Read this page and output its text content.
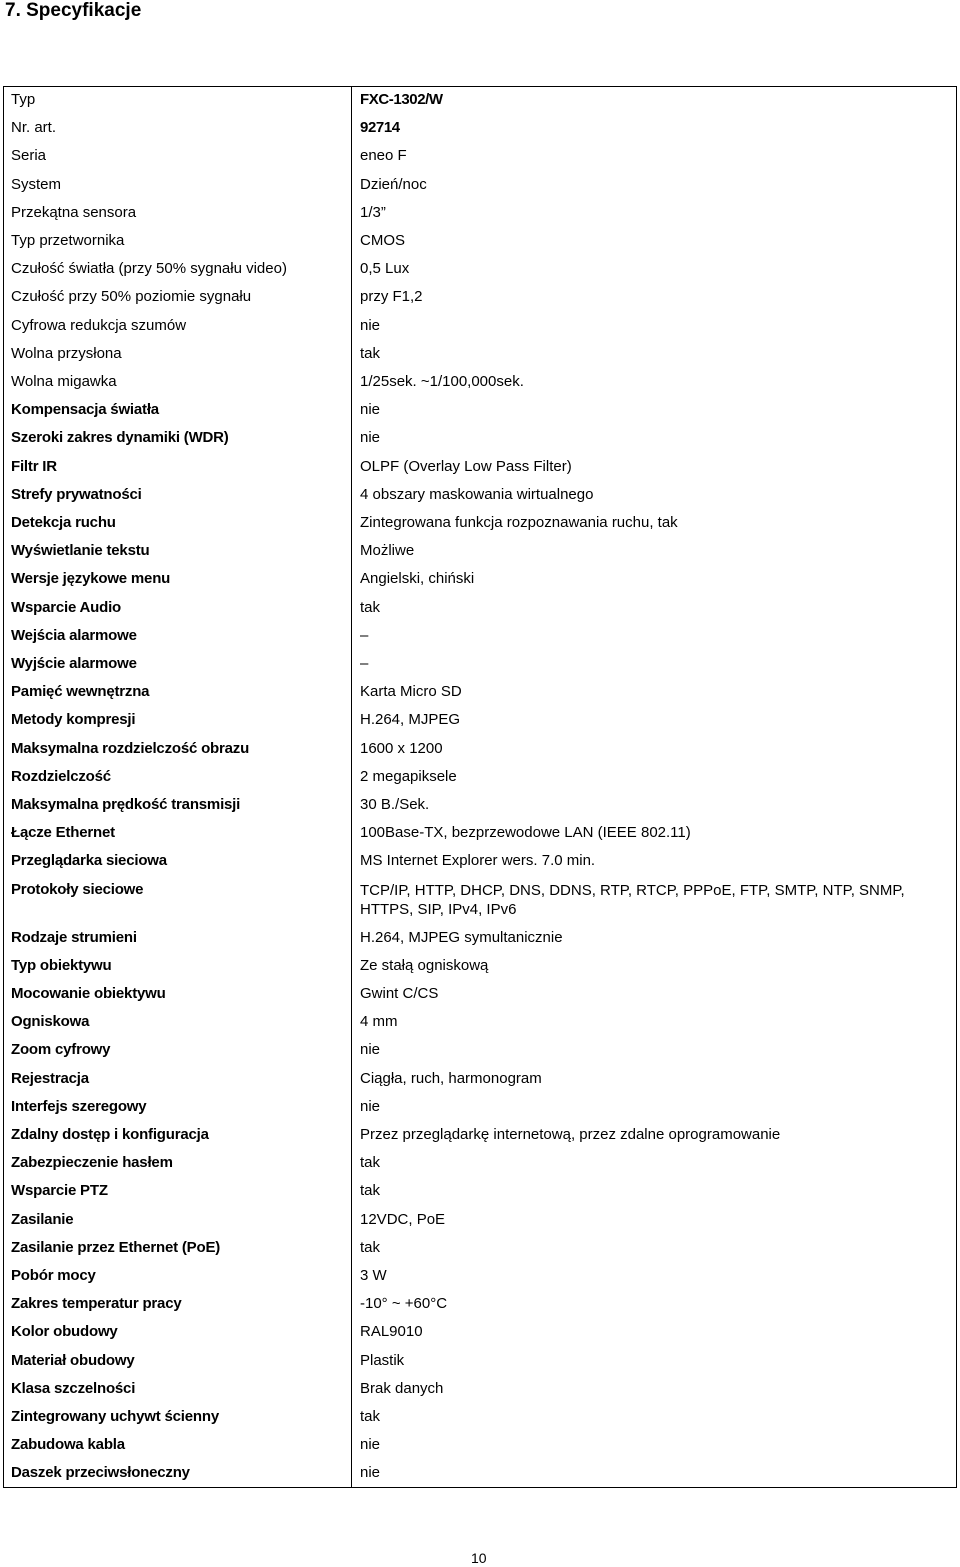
7. Specyfikacje
Typ	FXC-1302/W
Nr. art.	92714
Seria	eneo F
System	Dzień/noc
Przekątna sensora	1/3”
Typ przetwornika	CMOS
Czułość światła (przy 50% sygnału video)	0,5 Lux
Czułość przy 50% poziomie sygnału	przy F1,2
Cyfrowa redukcja szumów	nie
Wolna przysłona	tak
Wolna migawka	1/25sek. ~1/100,000sek.
Kompensacja światła	nie
Szeroki zakres dynamiki (WDR)	nie
Filtr IR	OLPF (Overlay Low Pass Filter)
Strefy prywatności	4 obszary maskowania wirtualnego
Detekcja ruchu	Zintegrowana funkcja rozpoznawania ruchu, tak
Wyświetlanie tekstu	Możliwe
Wersje językowe menu	Angielski, chiński
Wsparcie Audio	tak
Wejścia alarmowe	–
Wyjście alarmowe	–
Pamięć wewnętrzna	Karta Micro SD
Metody kompresji	H.264, MJPEG
Maksymalna rozdzielczość obrazu	1600 x 1200
Rozdzielczość	2 megapiksele
Maksymalna prędkość transmisji	30 B./Sek.
Łącze Ethernet	100Base-TX, bezprzewodowe LAN (IEEE 802.11)
Przeglądarka sieciowa	MS Internet Explorer wers. 7.0 min.
Protokoły sieciowe	TCP/IP, HTTP, DHCP, DNS, DDNS, RTP, RTCP, PPPoE, FTP, SMTP, NTP, SNMP, HTTPS, SIP, IPv4, IPv6
Rodzaje strumieni	H.264, MJPEG symultanicznie
Typ obiektywu	Ze stałą ogniskową
Mocowanie obiektywu	Gwint C/CS
Ogniskowa	4 mm
Zoom cyfrowy	nie
Rejestracja	Ciągła, ruch, harmonogram
Interfejs szeregowy	nie
Zdalny dostęp i konfiguracja	Przez przeglądarkę internetową, przez zdalne oprogramowanie
Zabezpieczenie hasłem	tak
Wsparcie PTZ	tak
Zasilanie	12VDC, PoE
Zasilanie przez Ethernet (PoE)	tak
Pobór mocy	3 W
Zakres temperatur pracy	-10° ~ +60°C
Kolor obudowy	RAL9010
Materiał obudowy	Plastik
Klasa szczelności	Brak danych
Zintegrowany uchywt ścienny	tak
Zabudowa kabla	nie
Daszek przeciwsłoneczny	nie
10
